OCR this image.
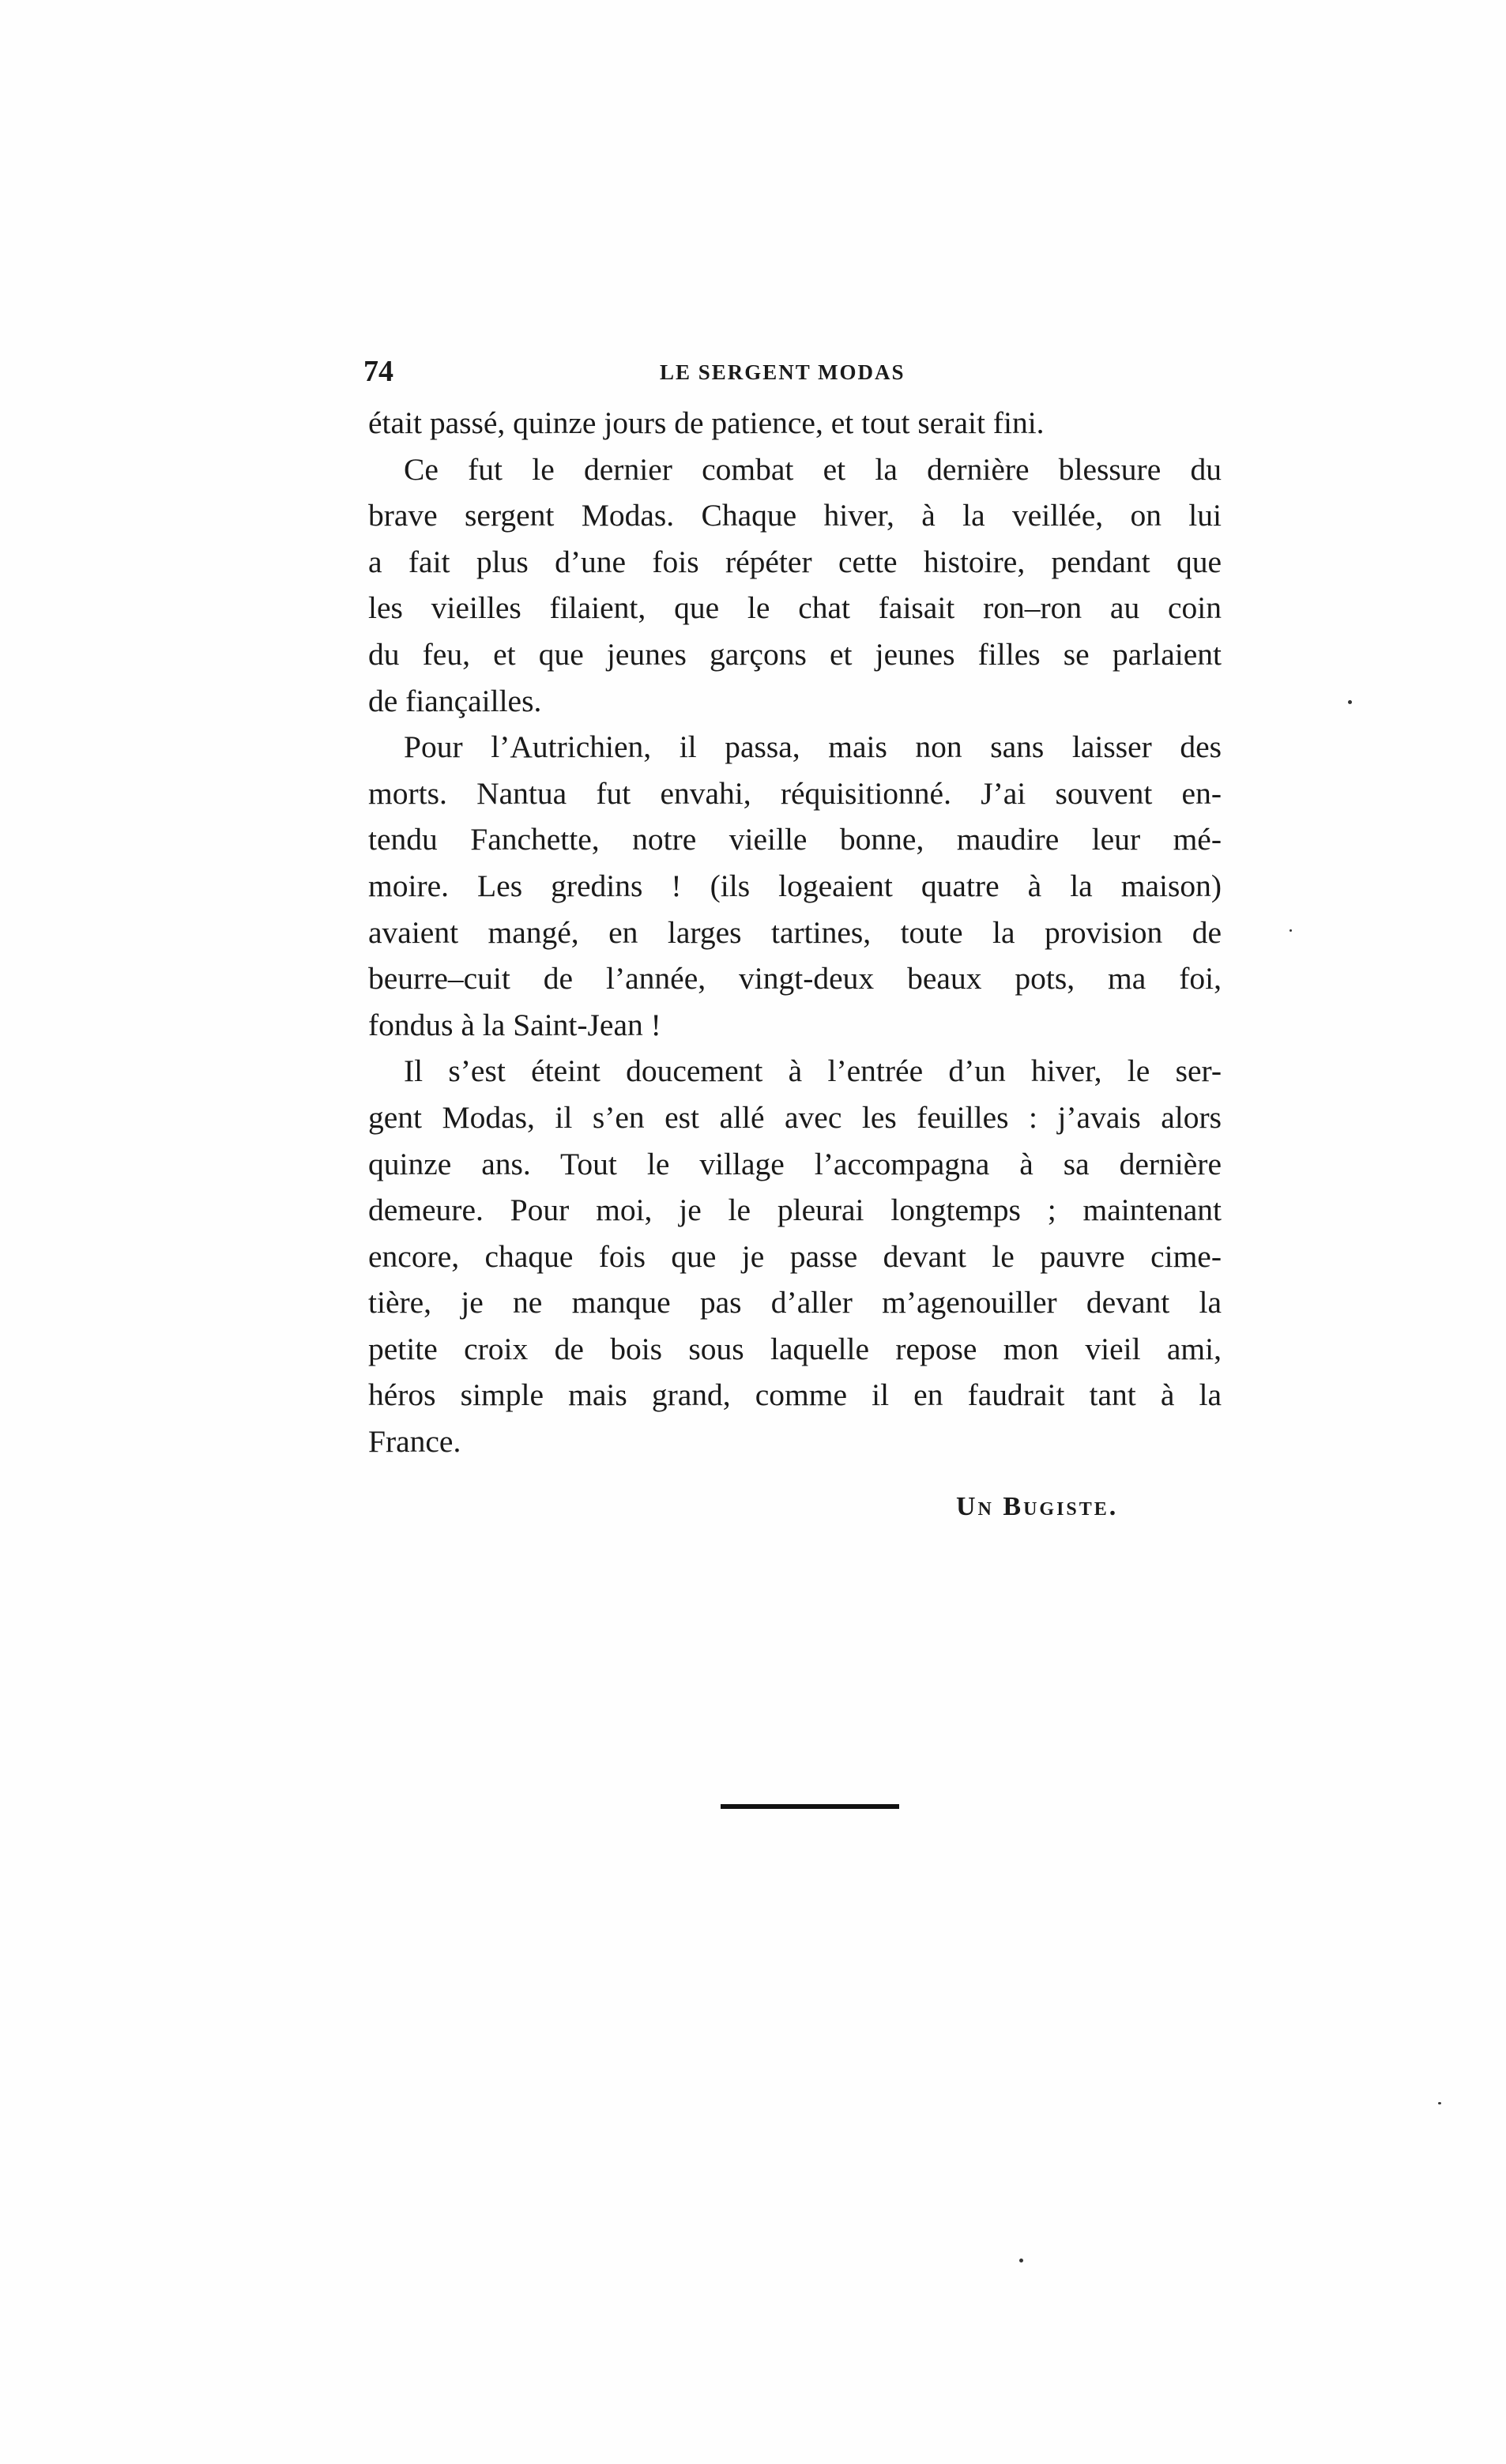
74	LE SERGENT MODAS

était passé, quinze jours de patience, et tout serait fini.

Ce fut le dernier combat et la dernière blessure du
brave sergent Modas. Chaque hiver, à la veillée, on lui
a fait plus d’une fois répéter cette histoire, pendant que
les vieilles filaient, que le chat faisait ron–ron au coin
du feu, et que jeunes garçons et jeunes filles se parlaient
de fiançailles.

Pour l’Autrichien, il passa, mais non sans laisser des
morts. Nantua fut envahi, réquisitionné. J’ai souvent en-
tendu Fanchette, notre vieille bonne, maudire leur mé-
moire. Les gredins ! (ils logeaient quatre à la maison)
avaient mangé, en larges tartines, toute la provision de
beurre–cuit de l’année, vingt-deux beaux pots, ma foi,
fondus à la Saint-Jean !

Il s’est éteint doucement à l’entrée d’un hiver, le ser-
gent Modas, il s’en est allé avec les feuilles : j’avais alors
quinze ans. Tout le village l’accompagna à sa dernière
demeure. Pour moi, je le pleurai longtemps ; maintenant
encore, chaque fois que je passe devant le pauvre cime-
tière, je ne manque pas d’aller m’agenouiller devant la
petite croix de bois sous laquelle repose mon vieil ami,
héros simple mais grand, comme il en faudrait tant à la
France.

Un Bugiste.
